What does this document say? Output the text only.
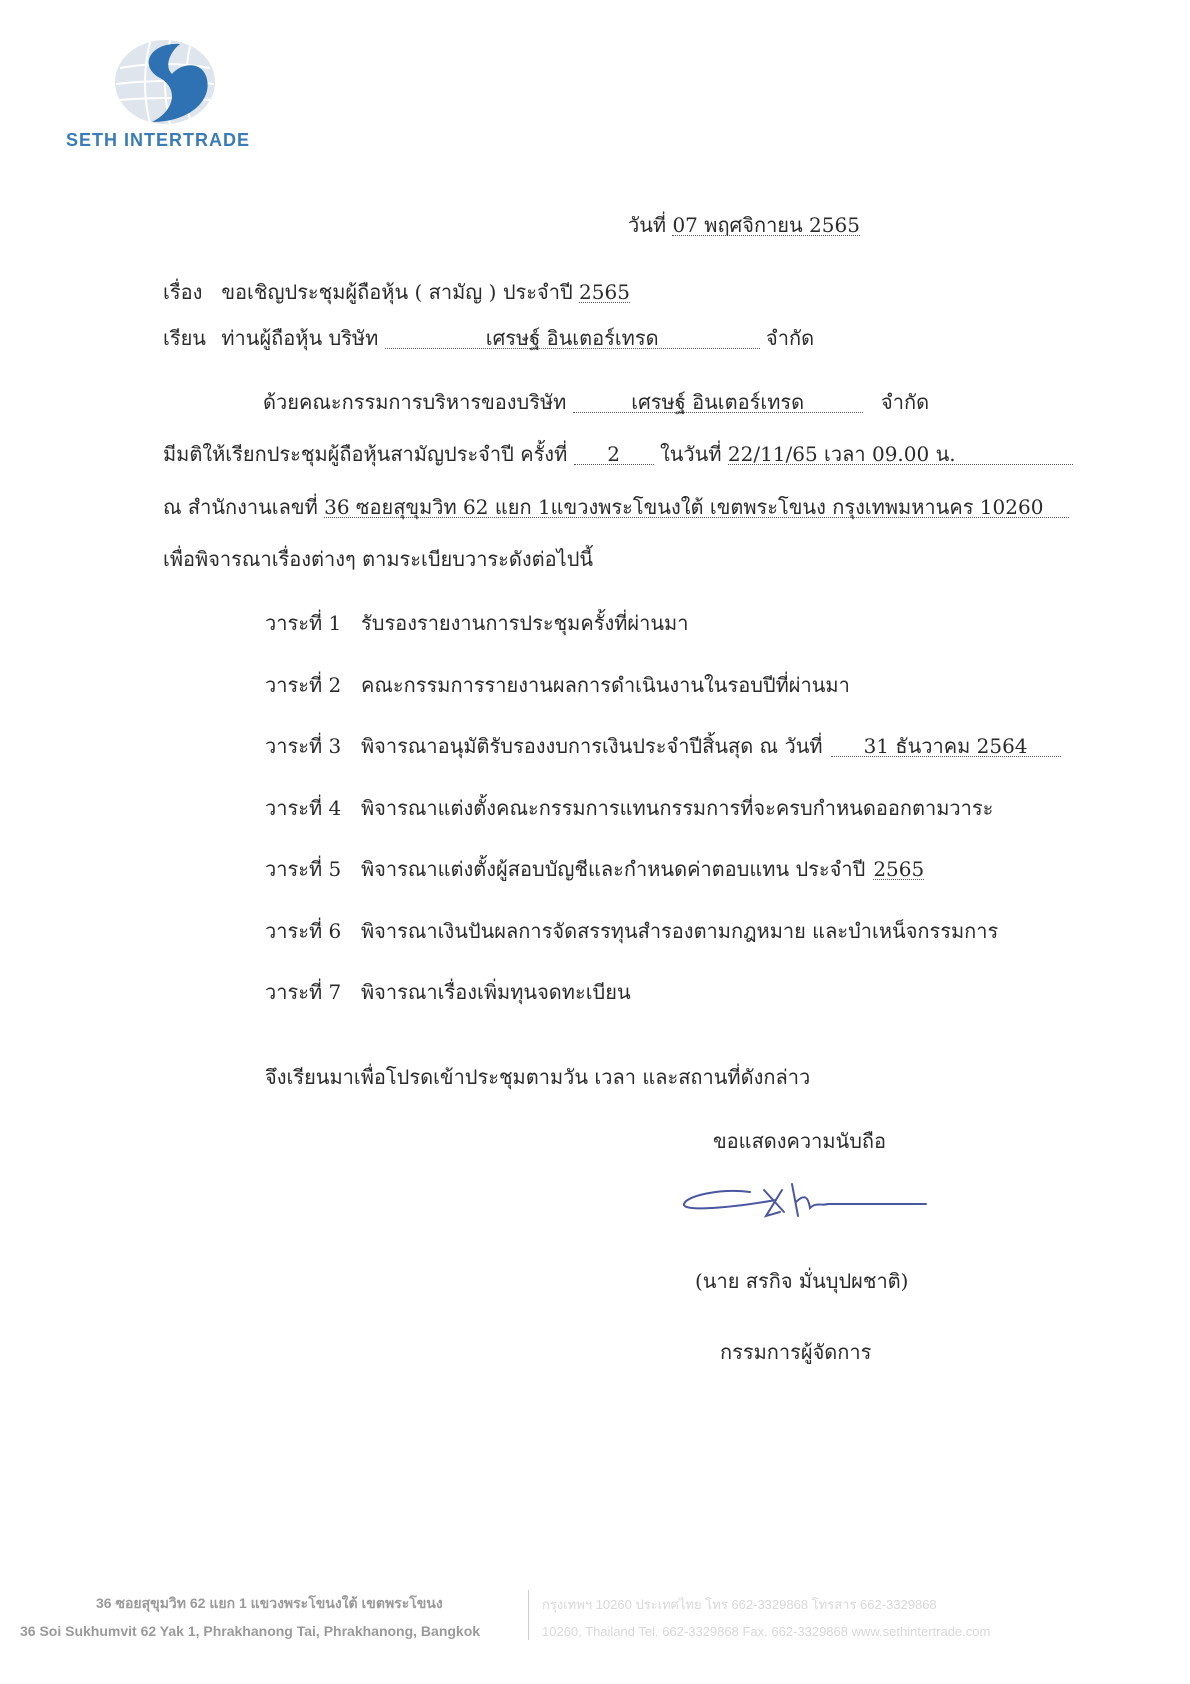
SETH INTERTRADE
วันที่ 07 พฤศจิกายน 2565
เรื่อง ขอเชิญประชุมผู้ถือหุ้น ( สามัญ ) ประจำปี 2565
เรียน ท่านผู้ถือหุ้น บริษัท	เศรษฐ์ อินเตอร์เทรด	จำกัด
ด้วยคณะกรรมการบริหารของบริษัท	เศรษฐ์ อินเตอร์เทรด	จำกัด
มีมติให้เรียกประชุมผู้ถือหุ้นสามัญประจำปี ครั้งที่ 2 ในวันที่ 22/11/65 เวลา 09.00 น.
ณ สำนักงานเลขที่ 36 ซอยสุขุมวิท 62 แยก 1แขวงพระโขนงใต้ เขตพระโขนง กรุงเทพมหานคร 10260
เพื่อพิจารณาเรื่องต่างๆ ตามระเบียบวาระดังต่อไปนี้
วาระที่ 1 รับรองรายงานการประชุมครั้งที่ผ่านมา
วาระที่ 2 คณะกรรมการรายงานผลการดำเนินงานในรอบปีที่ผ่านมา
วาระที่ 3 พิจารณาอนุมัติรับรองงบการเงินประจำปีสิ้นสุด ณ วันที่ 31 ธันวาคม 2564
วาระที่ 4 พิจารณาแต่งตั้งคณะกรรมการแทนกรรมการที่จะครบกำหนดออกตามวาระ
วาระที่ 5 พิจารณาแต่งตั้งผู้สอบบัญชีและกำหนดค่าตอบแทน ประจำปี 2565
วาระที่ 6 พิจารณาเงินปันผลการจัดสรรทุนสำรองตามกฎหมาย และบำเหน็จกรรมการ
วาระที่ 7 พิจารณาเรื่องเพิ่มทุนจดทะเบียน
จึงเรียนมาเพื่อโปรดเข้าประชุมตามวัน เวลา และสถานที่ดังกล่าว
ขอแสดงความนับถือ
(นาย สรกิจ มั่นบุปผชาติ)
กรรมการผู้จัดการ
36 ซอยสุขุมวิท 62 แยก 1 แขวงพระโขนงใต้ เขตพระโขนง
36 Soi Sukhumvit 62 Yak 1, Phrakhanong Tai, Phrakhanong, Bangkok
กรุงเทพฯ 10260 ประเทศไทย โทร 662-3329868 โทรสาร 662-3329868
10260, Thailand Tel. 662-3329868 Fax. 662-3329868 www.sethintertrade.com
